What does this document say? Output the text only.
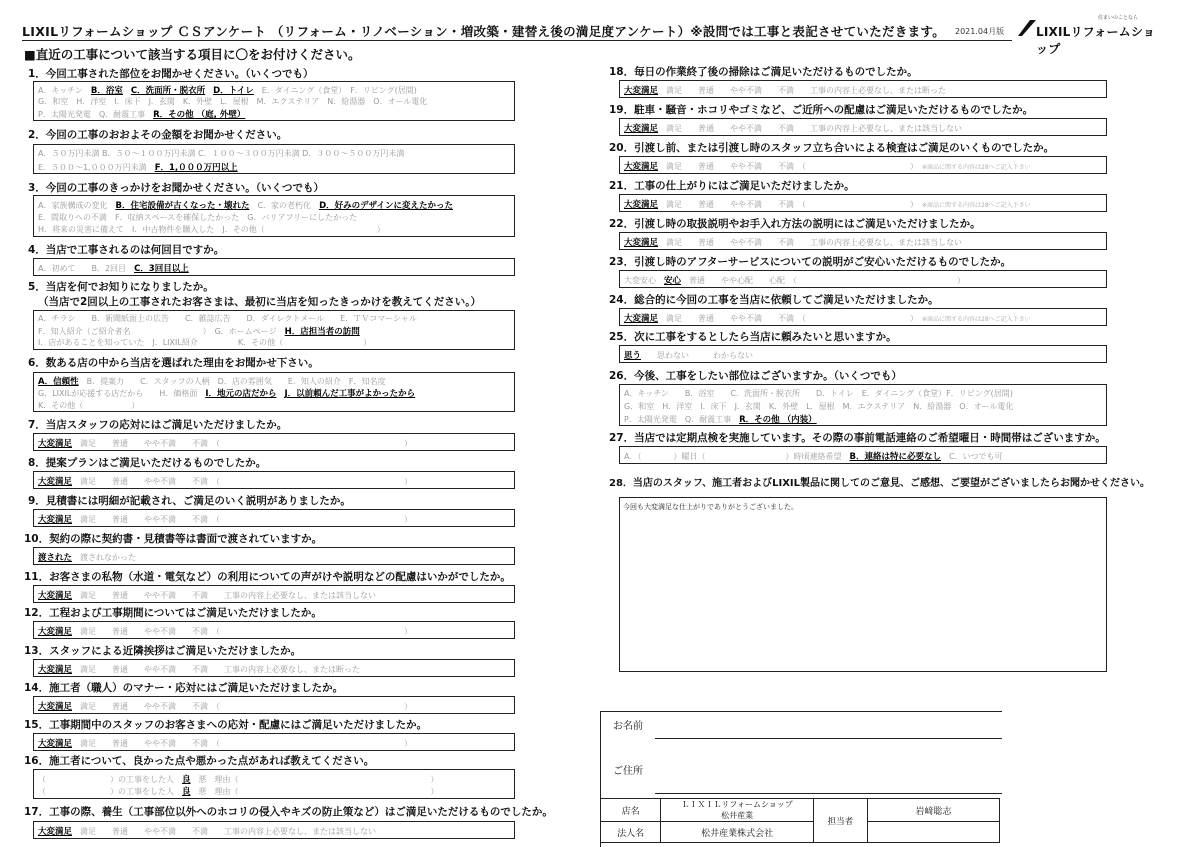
LIXILリフォームショップ ＣＳアンケート （リフォーム・リノベーション・増改築・建替え後の満足度アンケート）※設問では工事と表記させていただきます。 2021.04月版
住まいのことなら
LIXILリフォームショップ
■直近の工事について該当する項目に〇をお付けください。
1．今回工事された部位をお聞かせください。（いくつでも）
A．キッチン　 B．浴室　 C．洗面所・脱衣所　 D．トイレ　 E．ダイニング（食堂）　F．リビング(居間)
G．和室　H．洋室　I．床下　J．玄関　K．外壁　L．屋根　M．エクステリア　N．給湯器　O．オール電化
P．太陽光発電　Q．耐震工事　 R．その他 （庭, 外壁）
2．今回の工事のおおよその金額をお聞かせください。
A．５０万円未満 B．５０～１００万円未満 C．１００～３００万円未満 D．３００～５００万円未満
E．５００～1,０００万円未満　 F．1,０００万円以上
3．今回の工事のきっかけをお聞かせください。（いくつでも）
A．家族構成の変化　 B．住宅設備が古くなった・壊れた　 C．家の老朽化　 D．好みのデザインに変えたかった
E．間取りへの不満　F．収納スペースを確保したかった　G．バリアフリーにしたかった
H．将来の災害に備えて　I．中古物件を購入した　J．その他（　　　　　　　　　　　　　　）
4．当店で工事されるのは何回目ですか。
A．初めて　　B．2回目　 C．3回目以上
5．当店を何でお知りになりましたか。
（当店で2回以上の工事されたお客さまは、最初に当店を知ったきっかけを教えてください。）
A．チラシ　　B．新聞紙面上の広告　　C．雑誌広告　　D．ダイレクトメール　　E．ＴＶコマーシャル
F．知人紹介（ご紹介者名　　　　　　　　　）　G．ホームページ　 H．店担当者の訪問
I．店があることを知っていた　J．LIXIL紹介　　　　　K．その他（　　　　　　　　　　）
6．数ある店の中から当店を選ばれた理由をお聞かせ下さい。
A．信頼性　 B．提案力　　C．スタッフの人柄　D．店の雰囲気　　E．知人の紹介　F．知名度
G．LIXILが応援する店だから　　H．価格面　 I．地元の店だから　 J．以前頼んだ工事がよかったから
K．その他（　　　　　　）
7．当店スタッフの応対にはご満足いただけましたか。
大変満足　 満足　　普通　　やや不満　　不満　（　　　　　　　　　　　　　　　　　　　　　　　）
8．提案プランはご満足いただけるものでしたか。
大変満足　 満足　　普通　　やや不満　　不満　（　　　　　　　　　　　　　　　　　　　　　　　）
9．見積書には明細が記載され、ご満足のいく説明がありましたか。
大変満足　 満足　　普通　　やや不満　　不満　（　　　　　　　　　　　　　　　　　　　　　　　）
10．契約の際に契約書・見積書等は書面で渡されていますか。
渡された　 渡されなかった
11．お客さまの私物（水道・電気など）の利用についての声がけや説明などの配慮はいかがでしたか。
大変満足　 満足　　普通　　やや不満　　不満　　工事の内容上必要なし、または該当しない
12．工程および工事期間についてはご満足いただけましたか。
大変満足　 満足　　普通　　やや不満　　不満　（　　　　　　　　　　　　　　　　　　　　　　　）
13．スタッフによる近隣挨拶はご満足いただけましたか。
大変満足　 満足　　普通　　やや不満　　不満　　工事の内容上必要なし、または断った
14．施工者（職人）のマナー・応対にはご満足いただけましたか。
大変満足　 満足　　普通　　やや不満　　不満　（　　　　　　　　　　　　　　　　　　　　　　　）
15．工事期間中のスタッフのお客さまへの応対・配慮にはご満足いただけましたか。
大変満足　 満足　　普通　　やや不満　　不満　（　　　　　　　　　　　　　　　　　　　　　　　）
16．施工者について、良かった点や悪かった点があれば教えてください。
（　　　　　　　　）の工事をした人　 良　 悪　理由（　　　　　　　　　　　　　　　　　　　　　　　　）
（　　　　　　　　）の工事をした人　 良　 悪　理由（　　　　　　　　　　　　　　　　　　　　　　　　）
17．工事の際、養生（工事部位以外へのホコリの侵入やキズの防止策など）はご満足いただけるものでしたか。
大変満足　 満足　　普通　　やや不満　　不満　　工事の内容上必要なし、または該当しない
18．毎日の作業終了後の掃除はご満足いただけるものでしたか。
大変満足　 満足　　普通　　やや不満　　不満　　工事の内容上必要なし、または断った
19．駐車・騒音・ホコリやゴミなど、ご近所への配慮はご満足いただけるものでしたか。
大変満足　 満足　　普通　　やや不満　　不満　　工事の内容上必要なし、または該当しない
20．引渡し前、または引渡し時のスタッフ立ち合いによる検査はご満足のいくものでしたか。
大変満足　 満足　　普通　　やや不満　　不満　（　　　　　　　　　　　　　）　 ※商品に関する内容は28へご記入下さい
21．工事の仕上がりにはご満足いただけましたか。
大変満足　 満足　　普通　　やや不満　　不満　（　　　　　　　　　　　　　）　 ※商品に関する内容は28へご記入下さい
22．引渡し時の取扱説明やお手入れ方法の説明にはご満足いただけましたか。
大変満足　 満足　　普通　　やや不満　　不満　　工事の内容上必要なし、または該当しない
23．引渡し時のアフターサービスについての説明がご安心いただけるものでしたか。
大変安心　 安心　 普通　　やや心配　　心配　（　　　　　　　　　　　　　　　　　　　　）
24．総合的に今回の工事を当店に依頼してご満足いただけましたか。
大変満足　 満足　　普通　　やや不満　　不満　（　　　　　　　　　　　　　）　 ※商品に関する内容は28へご記入下さい
25．次に工事をするとしたら当店に頼みたいと思いますか。
思う　　 思わない　　　わからない
26．今後、工事をしたい部位はございますか。（いくつでも）
A．キッチン　　B．浴室　　C．洗面所・脱衣所　　D．トイレ　E．ダイニング（食堂）F．リビング(居間)
G．和室　H．洋室　I．床下　J．玄関　K．外壁　L．屋根　M．エクステリア　N．給湯器　O．オール電化
P．太陽光発電　Q．耐震工事　 R．その他 （内装）
27．当店では定期点検を実施しています。その際の事前電話連絡のご希望曜日・時間帯はございますか。
A．（　　　　）曜日（　　　　　　　　　　）時頃連絡希望　 B．連絡は特に必要なし　 C．いつでも可
28．当店のスタッフ、施工者およびLIXIL製品に関してのご意見、ご感想、ご要望がございましたらお聞かせください。
今回も大変満足な仕上がりでありがとうございました。
お名前
ご住所
店名	ＬＩＸＩＬリフォームショップ
松井産業	担当者	岩﨑聡志
法人名	松井産業株式会社		
